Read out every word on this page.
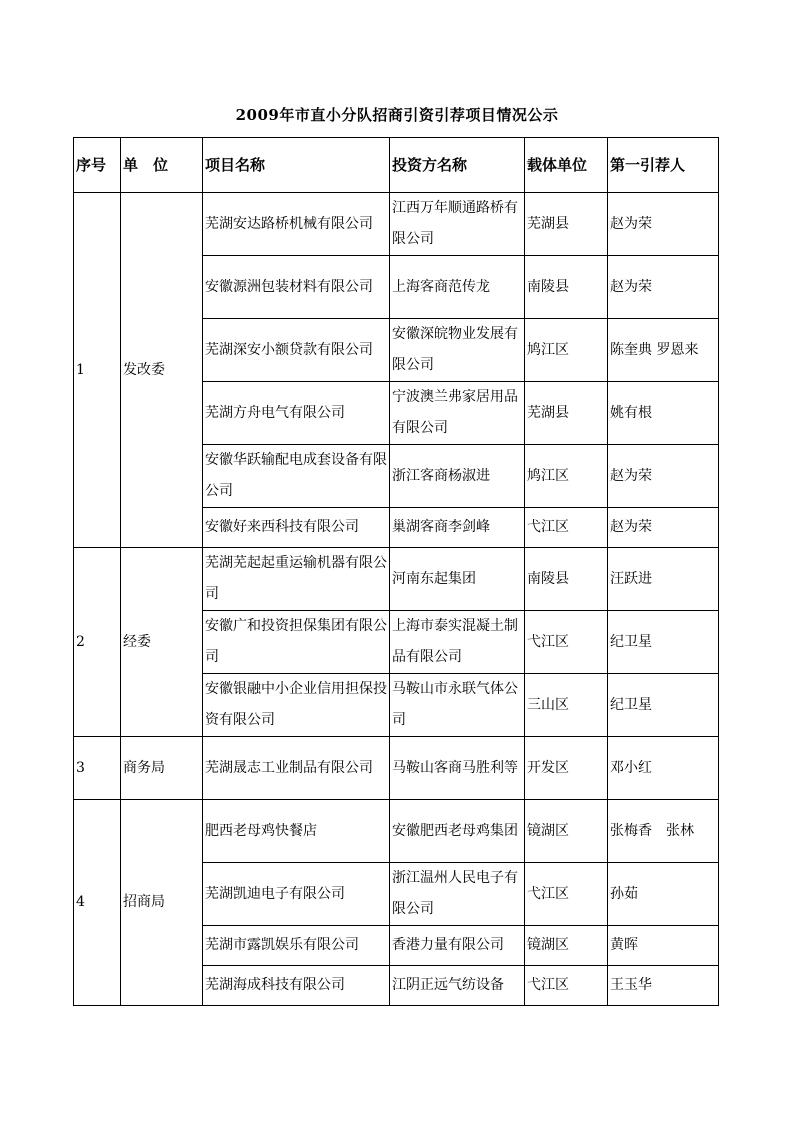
2009年市直小分队招商引资引荐项目情况公示
序号	单　位	项目名称	投资方名称	载体单位	第一引荐人
1	发改委	芜湖安达路桥机械有限公司	江西万年顺通路桥有限公司	芜湖县	赵为荣
		安徽源洲包装材料有限公司	上海客商范传龙	南陵县	赵为荣
		芜湖深安小额贷款有限公司	安徽深皖物业发展有限公司	鸠江区	陈奎典 罗恩来
		芜湖方舟电气有限公司	宁波澳兰弗家居用品有限公司	芜湖县	姚有根
		安徽华跃输配电成套设备有限公司	浙江客商杨淑进	鸠江区	赵为荣
		安徽好来西科技有限公司	巢湖客商李剑峰	弋江区	赵为荣
2	经委	芜湖芜起起重运输机器有限公司	河南东起集团	南陵县	汪跃进
		安徽广和投资担保集团有限公司	上海市泰实混凝土制品有限公司	弋江区	纪卫星
		安徽银融中小企业信用担保投资有限公司	马鞍山市永联气体公司	三山区	纪卫星
3	商务局	芜湖晟志工业制品有限公司	马鞍山客商马胜利等	开发区	邓小红
4	招商局	肥西老母鸡快餐店	安徽肥西老母鸡集团	镜湖区	张梅香　张林
		芜湖凯迪电子有限公司	浙江温州人民电子有限公司	弋江区	孙茹
		芜湖市露凯娱乐有限公司	香港力量有限公司	镜湖区	黄晖
		芜湖海成科技有限公司	江阴正远气纺设备	弋江区	王玉华
